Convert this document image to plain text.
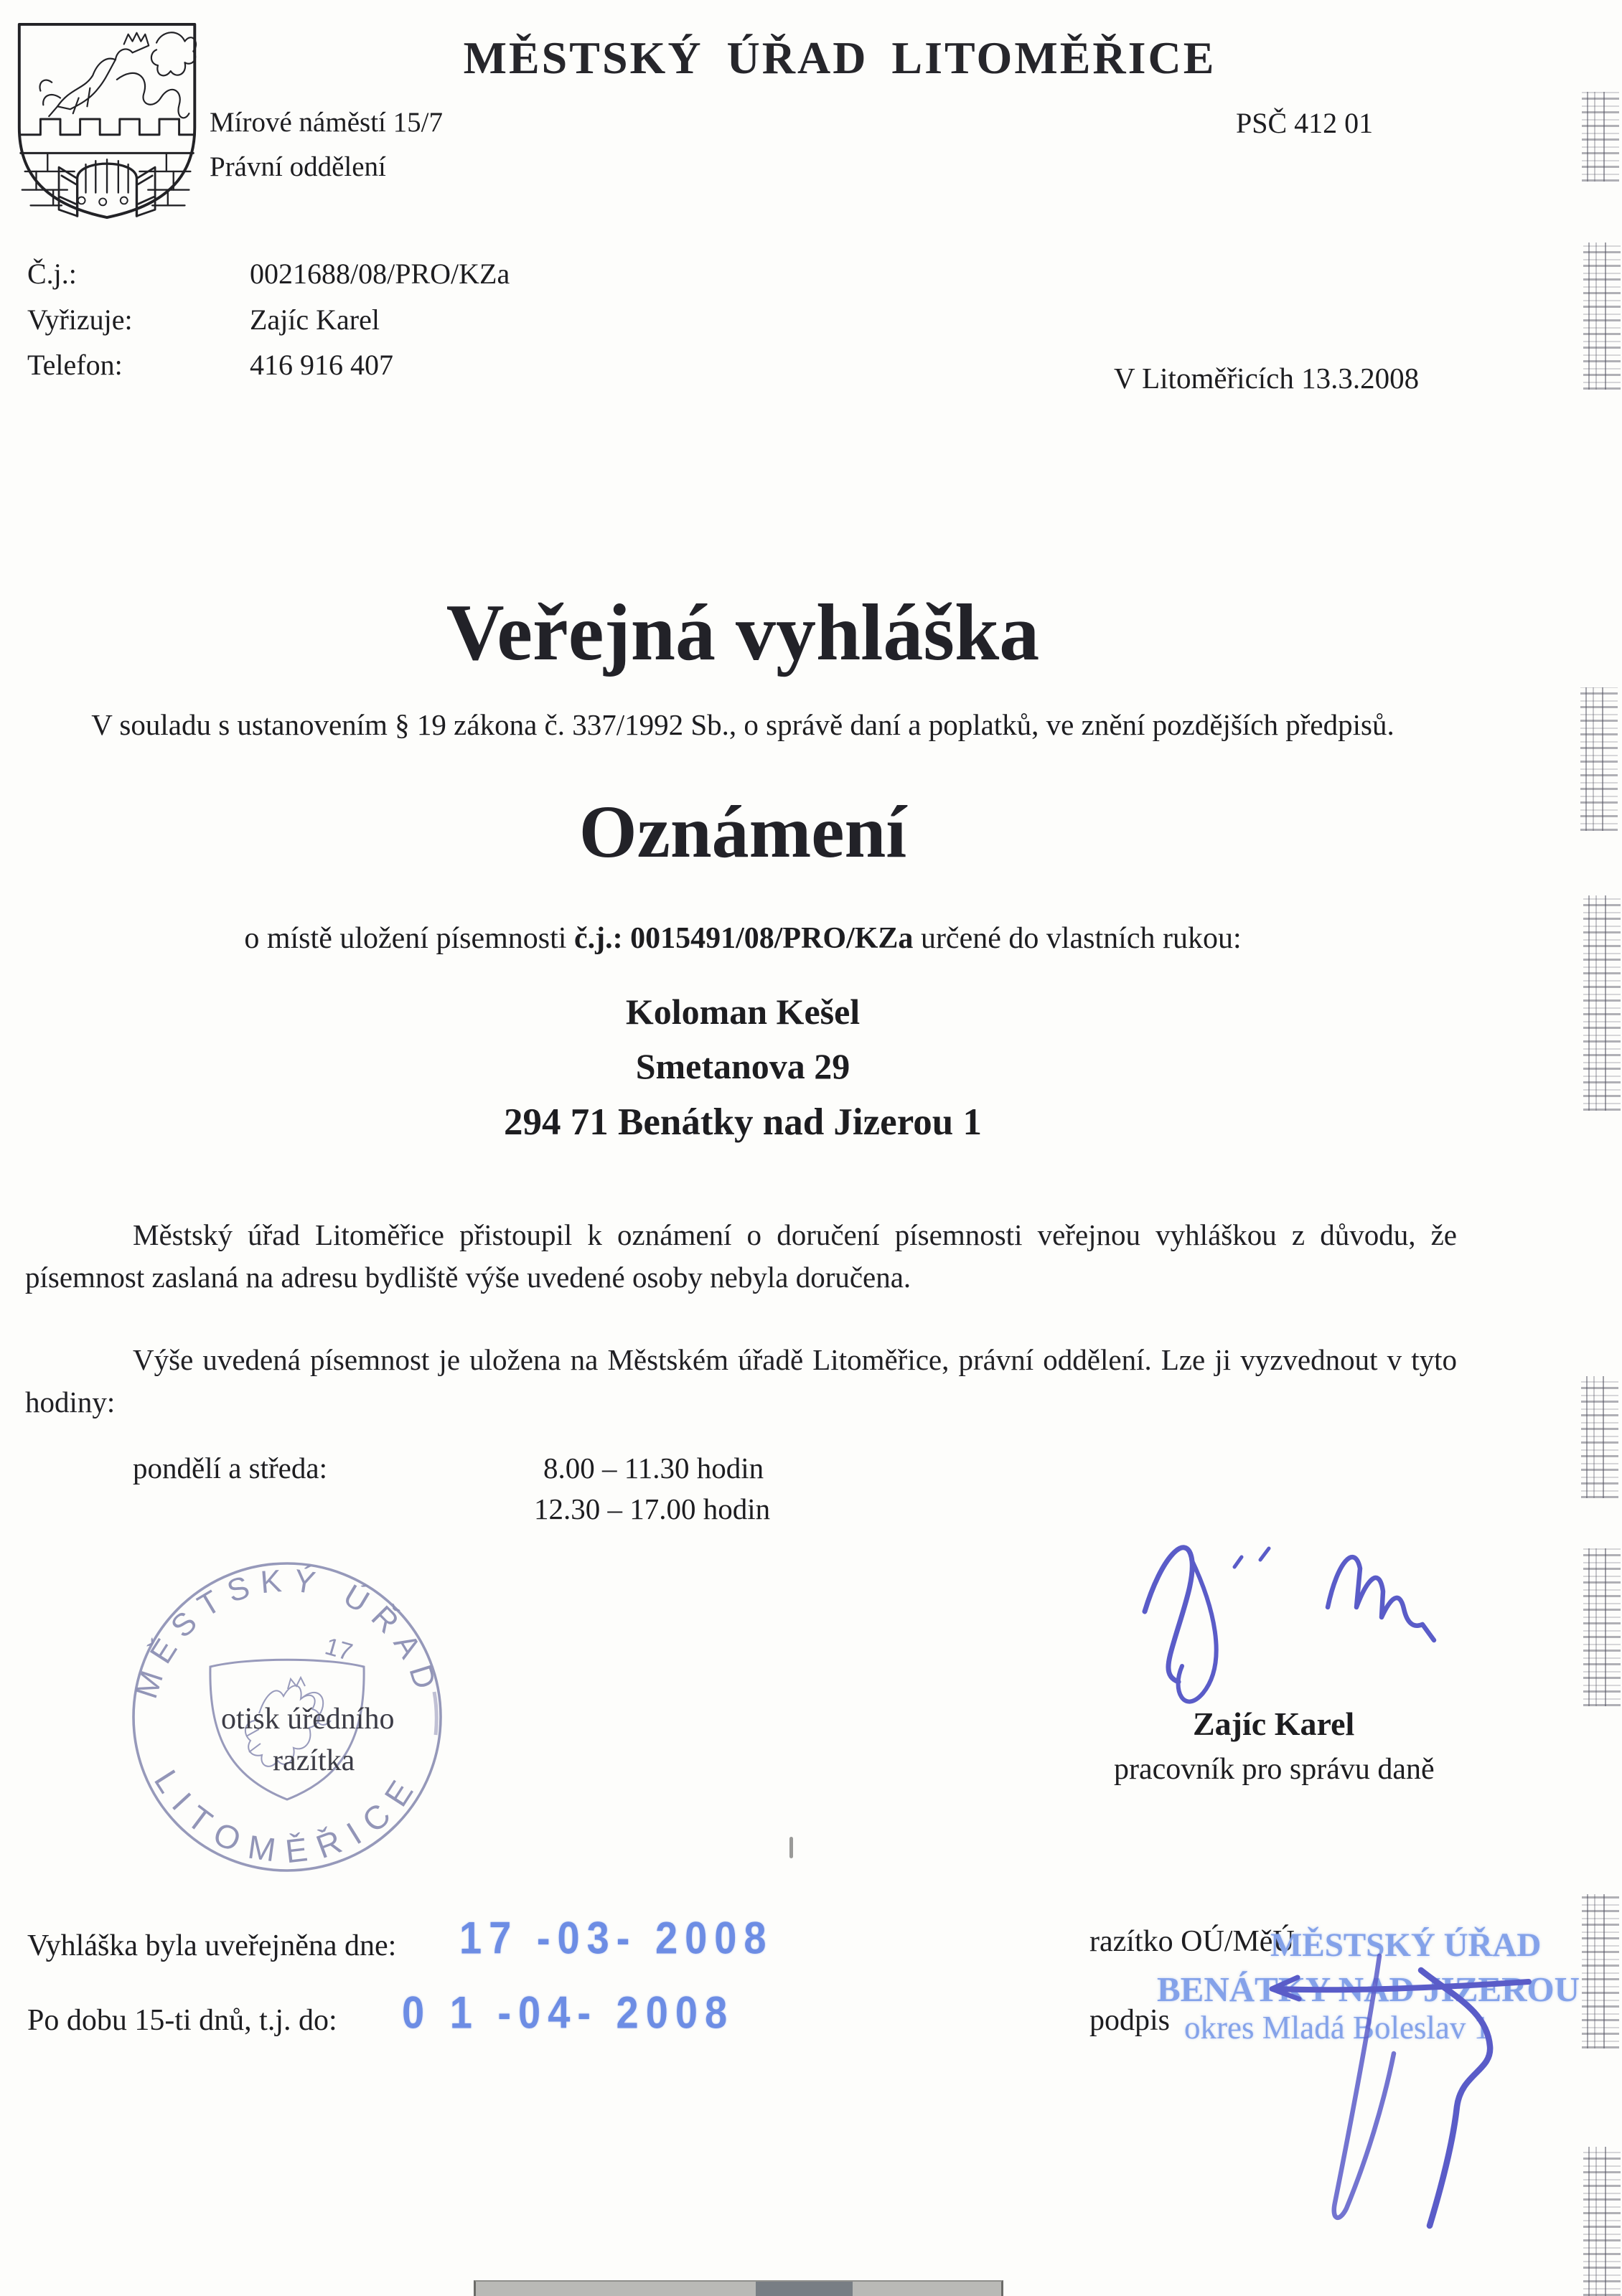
MĚSTSKÝ ÚŘAD LITOMĚŘICE
Mírové náměstí 15/7
Právní oddělení
PSČ 412 01
Č.j.:	0021688/08/PRO/KZa
Vyřizuje:	Zajíc Karel
Telefon:	416 916 407	V Litoměřicích 13.3.2008
Veřejná vyhláška
V souladu s ustanovením § 19 zákona č. 337/1992 Sb., o správě daní a poplatků, ve znění pozdějších předpisů.
Oznámení
o místě uložení písemnosti č.j.: 0015491/08/PRO/KZa určené do vlastních rukou:
Koloman Kešel
Smetanova 29
294 71 Benátky nad Jizerou 1
Městský úřad Litoměřice přistoupil k oznámení o doručení písemnosti veřejnou vyhláškou z důvodu, že písemnost zaslaná na adresu bydliště výše uvedené osoby nebyla doručena.
Výše uvedená písemnost je uložena na Městském úřadě Litoměřice, právní oddělení. Lze ji vyzvednout v tyto hodiny:
pondělí a středa:	8.00 – 11.30 hodin
12.30 – 17.00 hodin
MĚSTSKÝ ÚŘAD
17
LITOMĚŘICE
otisk úředního
razítka
Zajíc Karel
pracovník pro správu daně
Vyhláška byla uveřejněna dne: 17 -03- 2008
Po dobu 15-ti dnů, t.j. do: 0 1 -04- 2008
razítko OÚ/MěÚ
podpis
MĚSTSKÝ ÚŘAD
BENÁTKY NAD JIZEROU
okres Mladá Boleslav 1
